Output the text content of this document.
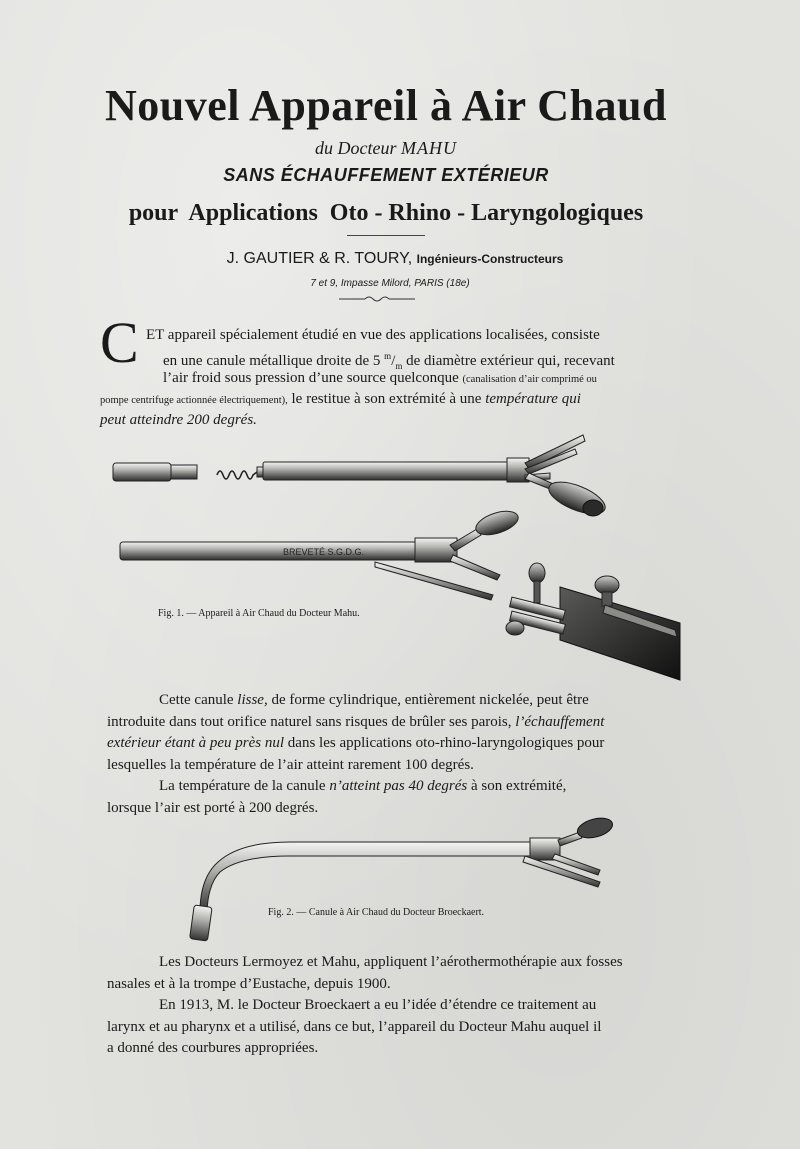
Nouvel Appareil à Air Chaud
du Docteur MAHU
SANS ÉCHAUFFEMENT EXTÉRIEUR
pour  Applications  Oto - Rhino - Laryngologiques
J. GAUTIER & R. TOURY, Ingénieurs-Constructeurs
7 et 9, Impasse Milord, PARIS (18e)
C ET appareil spécialement étudié en vue des applications localisées, consiste
en une canule métallique droite de 5 $^m/_m$ de diamètre extérieur qui, recevant
l’air froid sous pression d’une source quelconque (canalisation d’air comprimé ou
pompe centrifuge actionnée électriquement), le restitue à son extrémité à une température qui
peut atteindre 200 degrés.
BREVETÉ S.G.D.G.
Fig. 1. — Appareil à Air Chaud du Docteur Mahu.
Cette canule lisse, de forme cylindrique, entièrement nickelée, peut être
introduite dans tout orifice naturel sans risques de brûler ses parois, l’échauffement
extérieur étant à peu près nul dans les applications oto-rhino-laryngologiques pour
lesquelles la température de l’air atteint rarement 100 degrés.
La température de la canule n’atteint pas 40 degrés à son extrémité,
lorsque l’air est porté à 200 degrés.
Fig. 2. — Canule à Air Chaud du Docteur Broeckaert.
Les Docteurs Lermoyez et Mahu, appliquent l’aérothermothérapie aux fosses
nasales et à la trompe d’Eustache, depuis 1900.
En 1913, M. le Docteur Broeckaert a eu l’idée d’étendre ce traitement au
larynx et au pharynx et a utilisé, dans ce but, l’appareil du Docteur Mahu auquel il
a donné des courbures appropriées.
